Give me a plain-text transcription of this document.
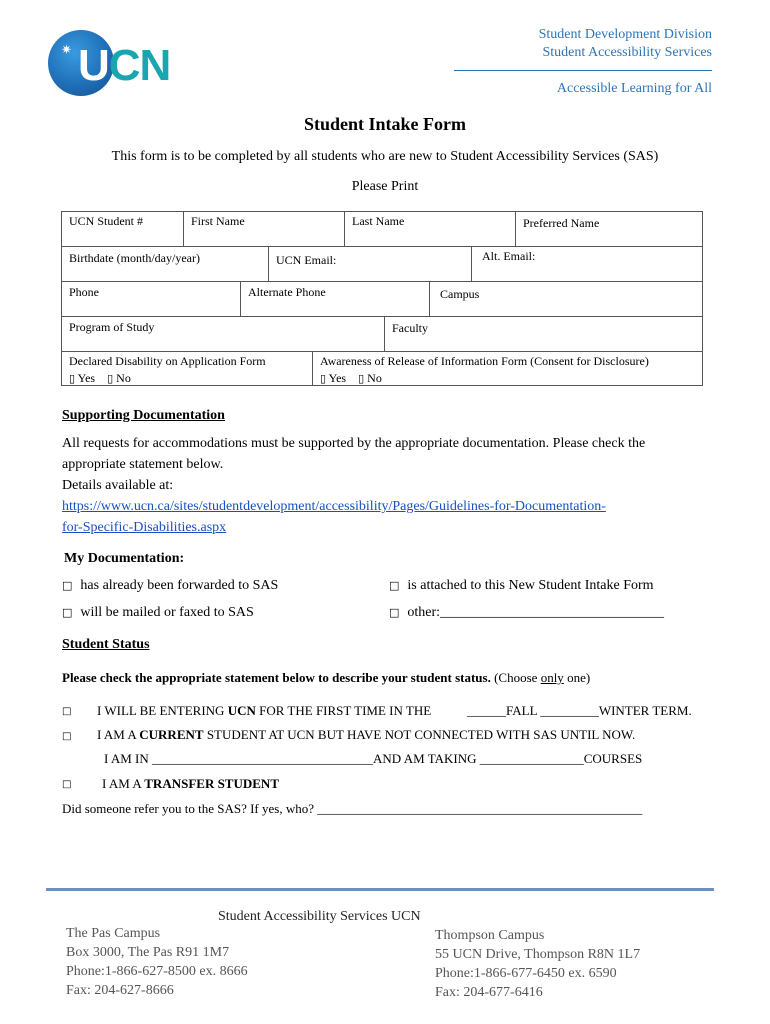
✷ UCN
Student Development Division
Student Accessibility Services
Accessible Learning for All
Student Intake Form
This form is to be completed by all students who are new to Student Accessibility Services (SAS)
Please Print
UCN Student #	First Name	Last Name	Preferred Name
Birthdate (month/day/year)	UCN Email:	Alt. Email:
Phone	Alternate Phone	Campus
Program of Study	Faculty
Declared Disability on Application Form
▯ Yes ▯ No
Awareness of Release of Information Form (Consent for Disclosure)
▯ Yes ▯ No
Supporting Documentation
All requests for accommodations must be supported by the appropriate documentation. Please check the
appropriate statement below.
Details available at:
https://www.ucn.ca/sites/studentdevelopment/accessibility/Pages/Guidelines-for-Documentation-
for-Specific-Disabilities.aspx
My Documentation:
□ has already been forwarded to SAS	□ is attached to this New Student Intake Form
□ will be mailed or faxed to SAS	□ other:________________________________
Student Status
Please check the appropriate statement below to describe your student status. (Choose only one)
□ I WILL BE ENTERING UCN FOR THE FIRST TIME IN THE	______FALL _________WINTER TERM.
□ I AM A CURRENT STUDENT AT UCN BUT HAVE NOT CONNECTED WITH SAS UNTIL NOW.
I AM IN __________________________________AND AM TAKING ________________COURSES
□ I AM A TRANSFER STUDENT
Did someone refer you to the SAS? If yes, who? __________________________________________________
Student Accessibility Services UCN
The Pas Campus
Box 3000, The Pas R91 1M7
Phone:1-866-627-8500 ex. 8666
Fax: 204-627-8666
Thompson Campus
55 UCN Drive, Thompson R8N 1L7
Phone:1-866-677-6450 ex. 6590
Fax: 204-677-6416
